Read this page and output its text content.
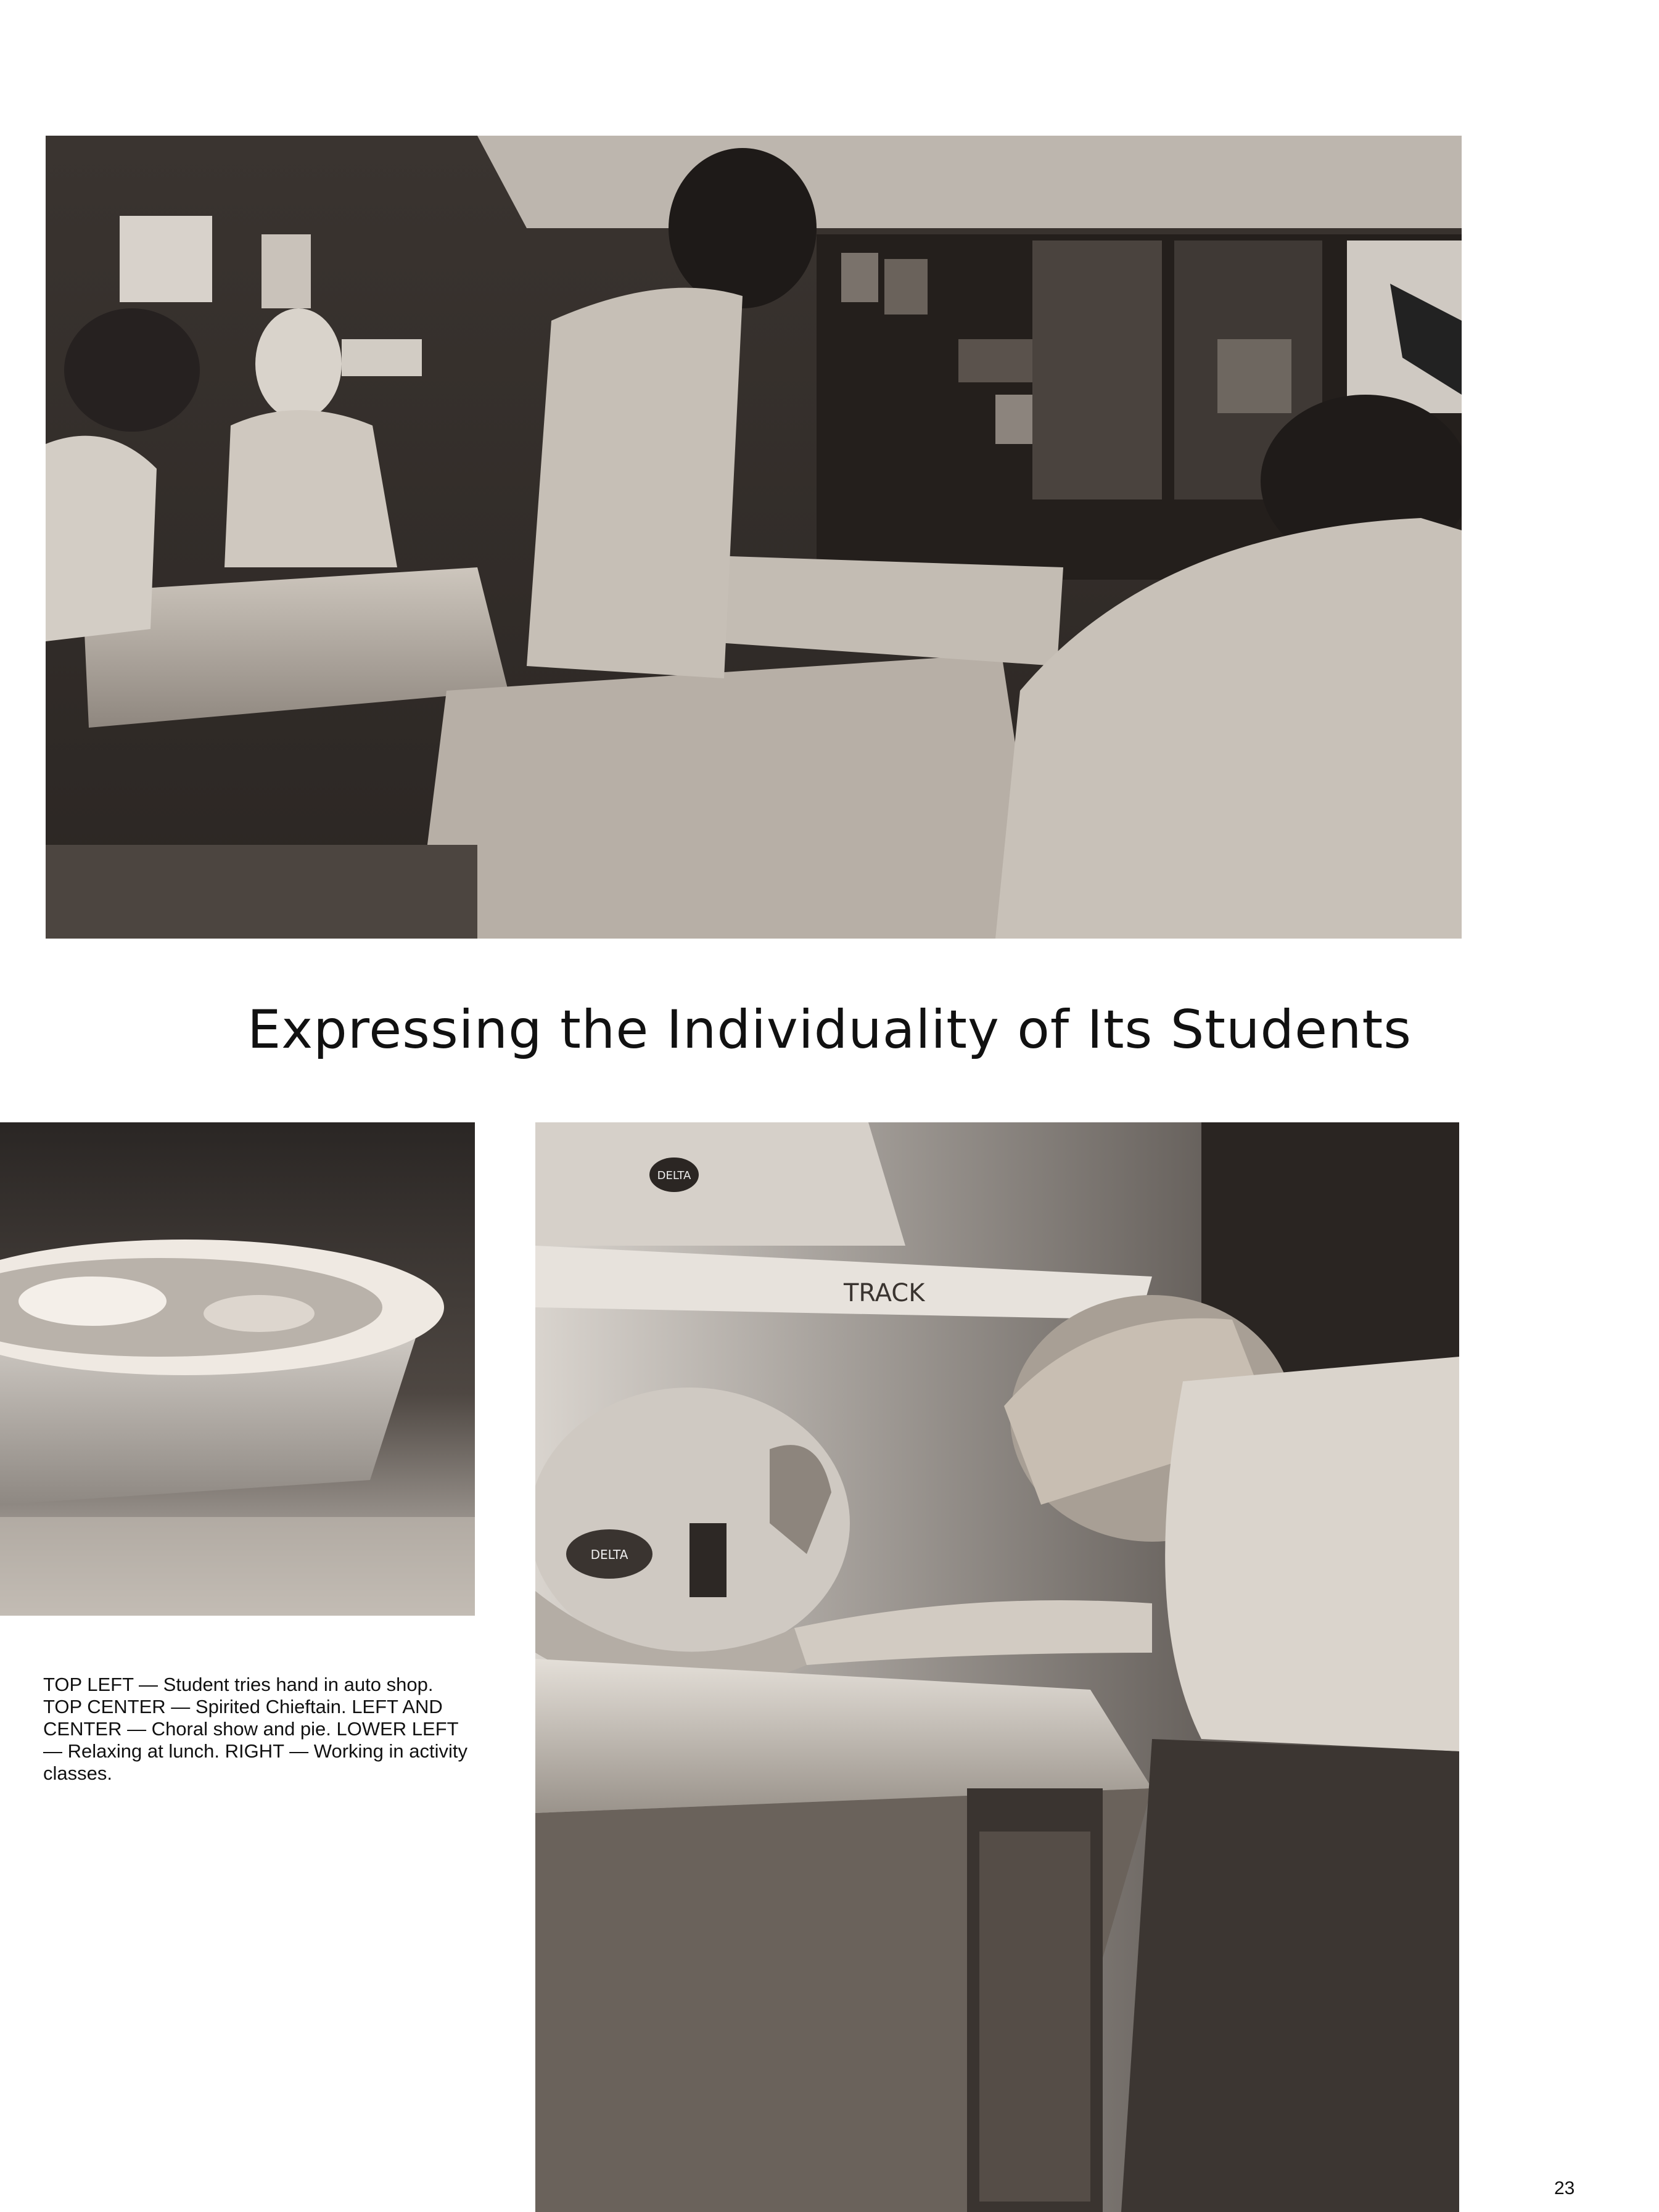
Expressing the Individuality of Its Students
TOP LEFT — Student tries hand in auto shop. TOP CENTER — Spirited Chieftain. LEFT AND CENTER — Choral show and pie. LOWER LEFT — Relaxing at lunch. RIGHT — Working in activity classes.
DELTA
TRACK
DELTA
23
